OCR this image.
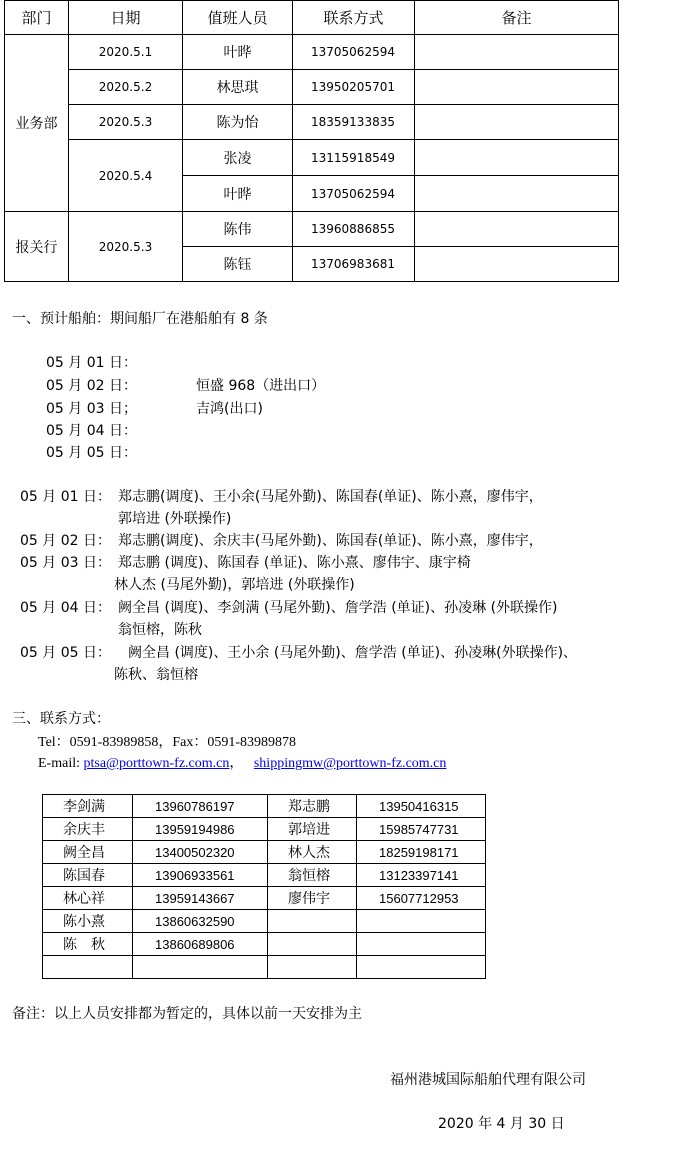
部门	日期	值班人员	联系方式	备注
业务部	2020.5.1	叶晔	13705062594	
	2020.5.2	林思琪	13950205701	
	2020.5.3	陈为怡	18359133835	
	2020.5.4	张凌	13115918549	
		叶晔	13705062594	
报关行	2020.5.3	陈伟	13960886855	
		陈钰	13706983681	
一、预计船舶：期间船厂在港船舶有 8 条
05 月 01 日：
05 月 02 日：	恒盛 968（进出口）
05 月 03 日；	吉鸿(出口)
05 月 04 日：
05 月 05 日：
05 月 01 日： 郑志鹏(调度)、王小余(马尾外勤)、陈国春(单证)、陈小熹，廖伟宇，
郭培进 (外联操作)
05 月 02 日： 郑志鹏(调度)、余庆丰(马尾外勤)、陈国春(单证)、陈小熹，廖伟宇，
05 月 03 日： 郑志鹏 (调度)、陈国春 (单证)、陈小熹、廖伟宇、康宇椅
林人杰 (马尾外勤)，郭培进 (外联操作)
05 月 04 日： 阙全昌 (调度)、李剑满 (马尾外勤)、詹学浩 (单证)、孙凌琳 (外联操作)
翁恒榕，陈秋
05 月 05 日： 阙全昌 (调度)、王小余 (马尾外勤)、詹学浩 (单证)、孙凌琳(外联操作)、
陈秋、翁恒榕
三、联系方式：
Tel：0591-83989858，Fax：0591-83989878
E-mail: ptsa@porttown-fz.com.cn， shippingmw@porttown-fz.com.cn
李剑满	13960786197	郑志鹏	13950416315
余庆丰	13959194986	郭培进	15985747731
阙全昌	13400502320	林人杰	18259198171
陈国春	13906933561	翁恒榕	13123397141
林心祥	13959143667	廖伟宇	15607712953
陈小熹	13860632590		
陈　秋	13860689806		

备注：以上人员安排都为暂定的，具体以前一天安排为主
福州港城国际船舶代理有限公司
2020 年 4 月 30 日
